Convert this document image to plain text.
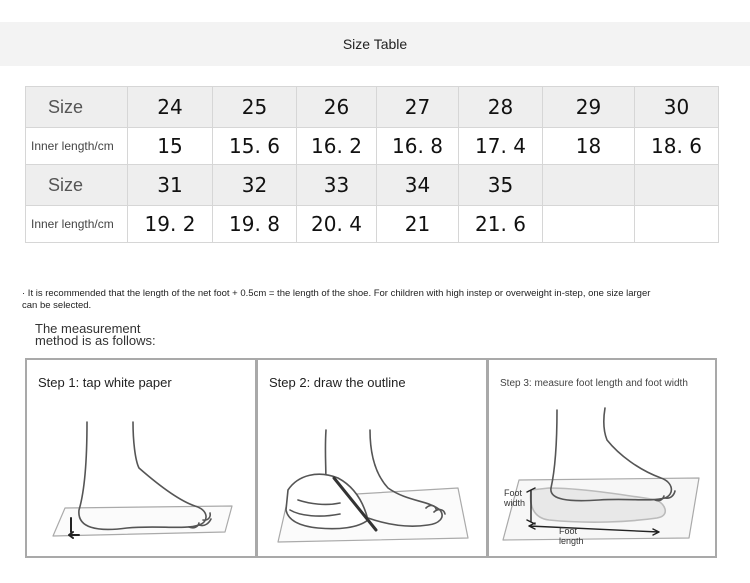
Size Table
Size	24	25	26	27	28	29	30
Inner length/cm	15	15. 6	16. 2	16. 8	17. 4	18	18. 6
Size	31	32	33	34	35		
Inner length/cm	19. 2	19. 8	20. 4	21	21. 6		
· It is recommended that the length of the net foot + 0.5cm = the length of the shoe. For children with high instep or overweight in-step, one size larger can be selected.
The measurement
method is as follows:
Step 1: tap white paper	Step 2: draw the outline	Step 3: measure foot length and foot width
Foot
width
Foot
length
